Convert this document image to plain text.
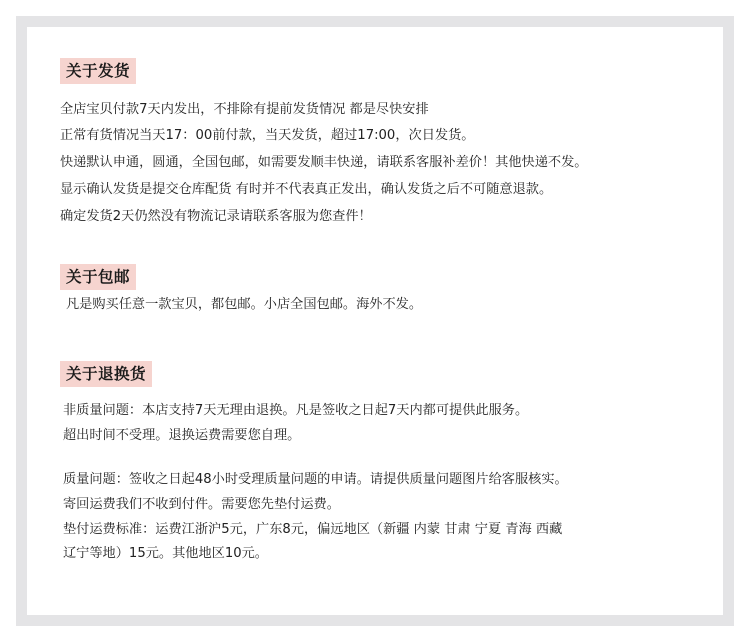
关于发货
全店宝贝付款7天内发出，不排除有提前发货情况 都是尽快安排
正常有货情况当天17：00前付款，当天发货，超过17:00，次日发货。
快递默认申通，圆通，全国包邮，如需要发顺丰快递，请联系客服补差价！其他快递不发。
显示确认发货是提交仓库配货 有时并不代表真正发出，确认发货之后不可随意退款。
确定发货2天仍然没有物流记录请联系客服为您查件！
关于包邮
凡是购买任意一款宝贝，都包邮。小店全国包邮。海外不发。
关于退换货
非质量问题：本店支持7天无理由退换。凡是签收之日起7天内都可提供此服务。
超出时间不受理。退换运费需要您自理。
质量问题：签收之日起48小时受理质量问题的申请。请提供质量问题图片给客服核实。
寄回运费我们不收到付件。需要您先垫付运费。
垫付运费标准：运费江浙沪5元，广东8元，偏远地区（新疆 内蒙 甘肃 宁夏 青海 西藏
辽宁等地）15元。其他地区10元。
